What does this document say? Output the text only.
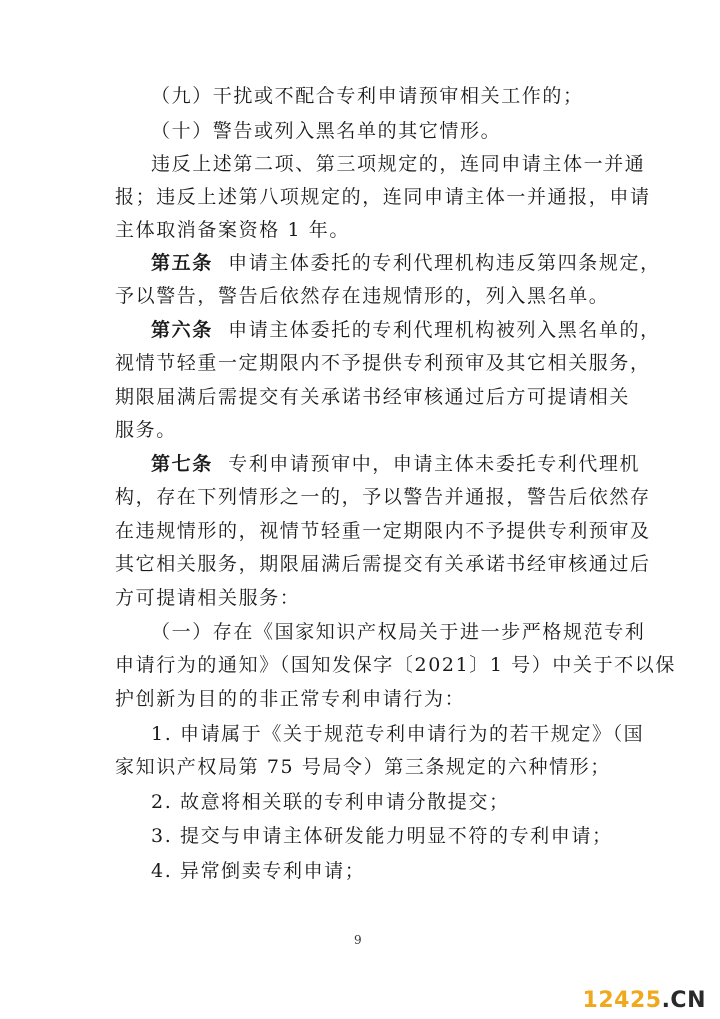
（九）干扰或不配合专利申请预审相关工作的；
（十）警告或列入黑名单的其它情形。
违反上述第二项、第三项规定的，连同申请主体一并通
报；违反上述第八项规定的，连同申请主体一并通报，申请
主体取消备案资格 1 年。
第五条 申请主体委托的专利代理机构违反第四条规定，
予以警告，警告后依然存在违规情形的，列入黑名单。
第六条 申请主体委托的专利代理机构被列入黑名单的，
视情节轻重一定期限内不予提供专利预审及其它相关服务，
期限届满后需提交有关承诺书经审核通过后方可提请相关
服务。
第七条 专利申请预审中，申请主体未委托专利代理机
构，存在下列情形之一的，予以警告并通报，警告后依然存
在违规情形的，视情节轻重一定期限内不予提供专利预审及
其它相关服务，期限届满后需提交有关承诺书经审核通过后
方可提请相关服务：
（一）存在《国家知识产权局关于进一步严格规范专利
申请行为的通知》（国知发保字〔2021〕1 号）中关于不以保
护创新为目的的非正常专利申请行为：
1. 申请属于《关于规范专利申请行为的若干规定》（国
家知识产权局第 75 号局令）第三条规定的六种情形；
2. 故意将相关联的专利申请分散提交；
3. 提交与申请主体研发能力明显不符的专利申请；
4. 异常倒卖专利申请；
9
12425.CN
